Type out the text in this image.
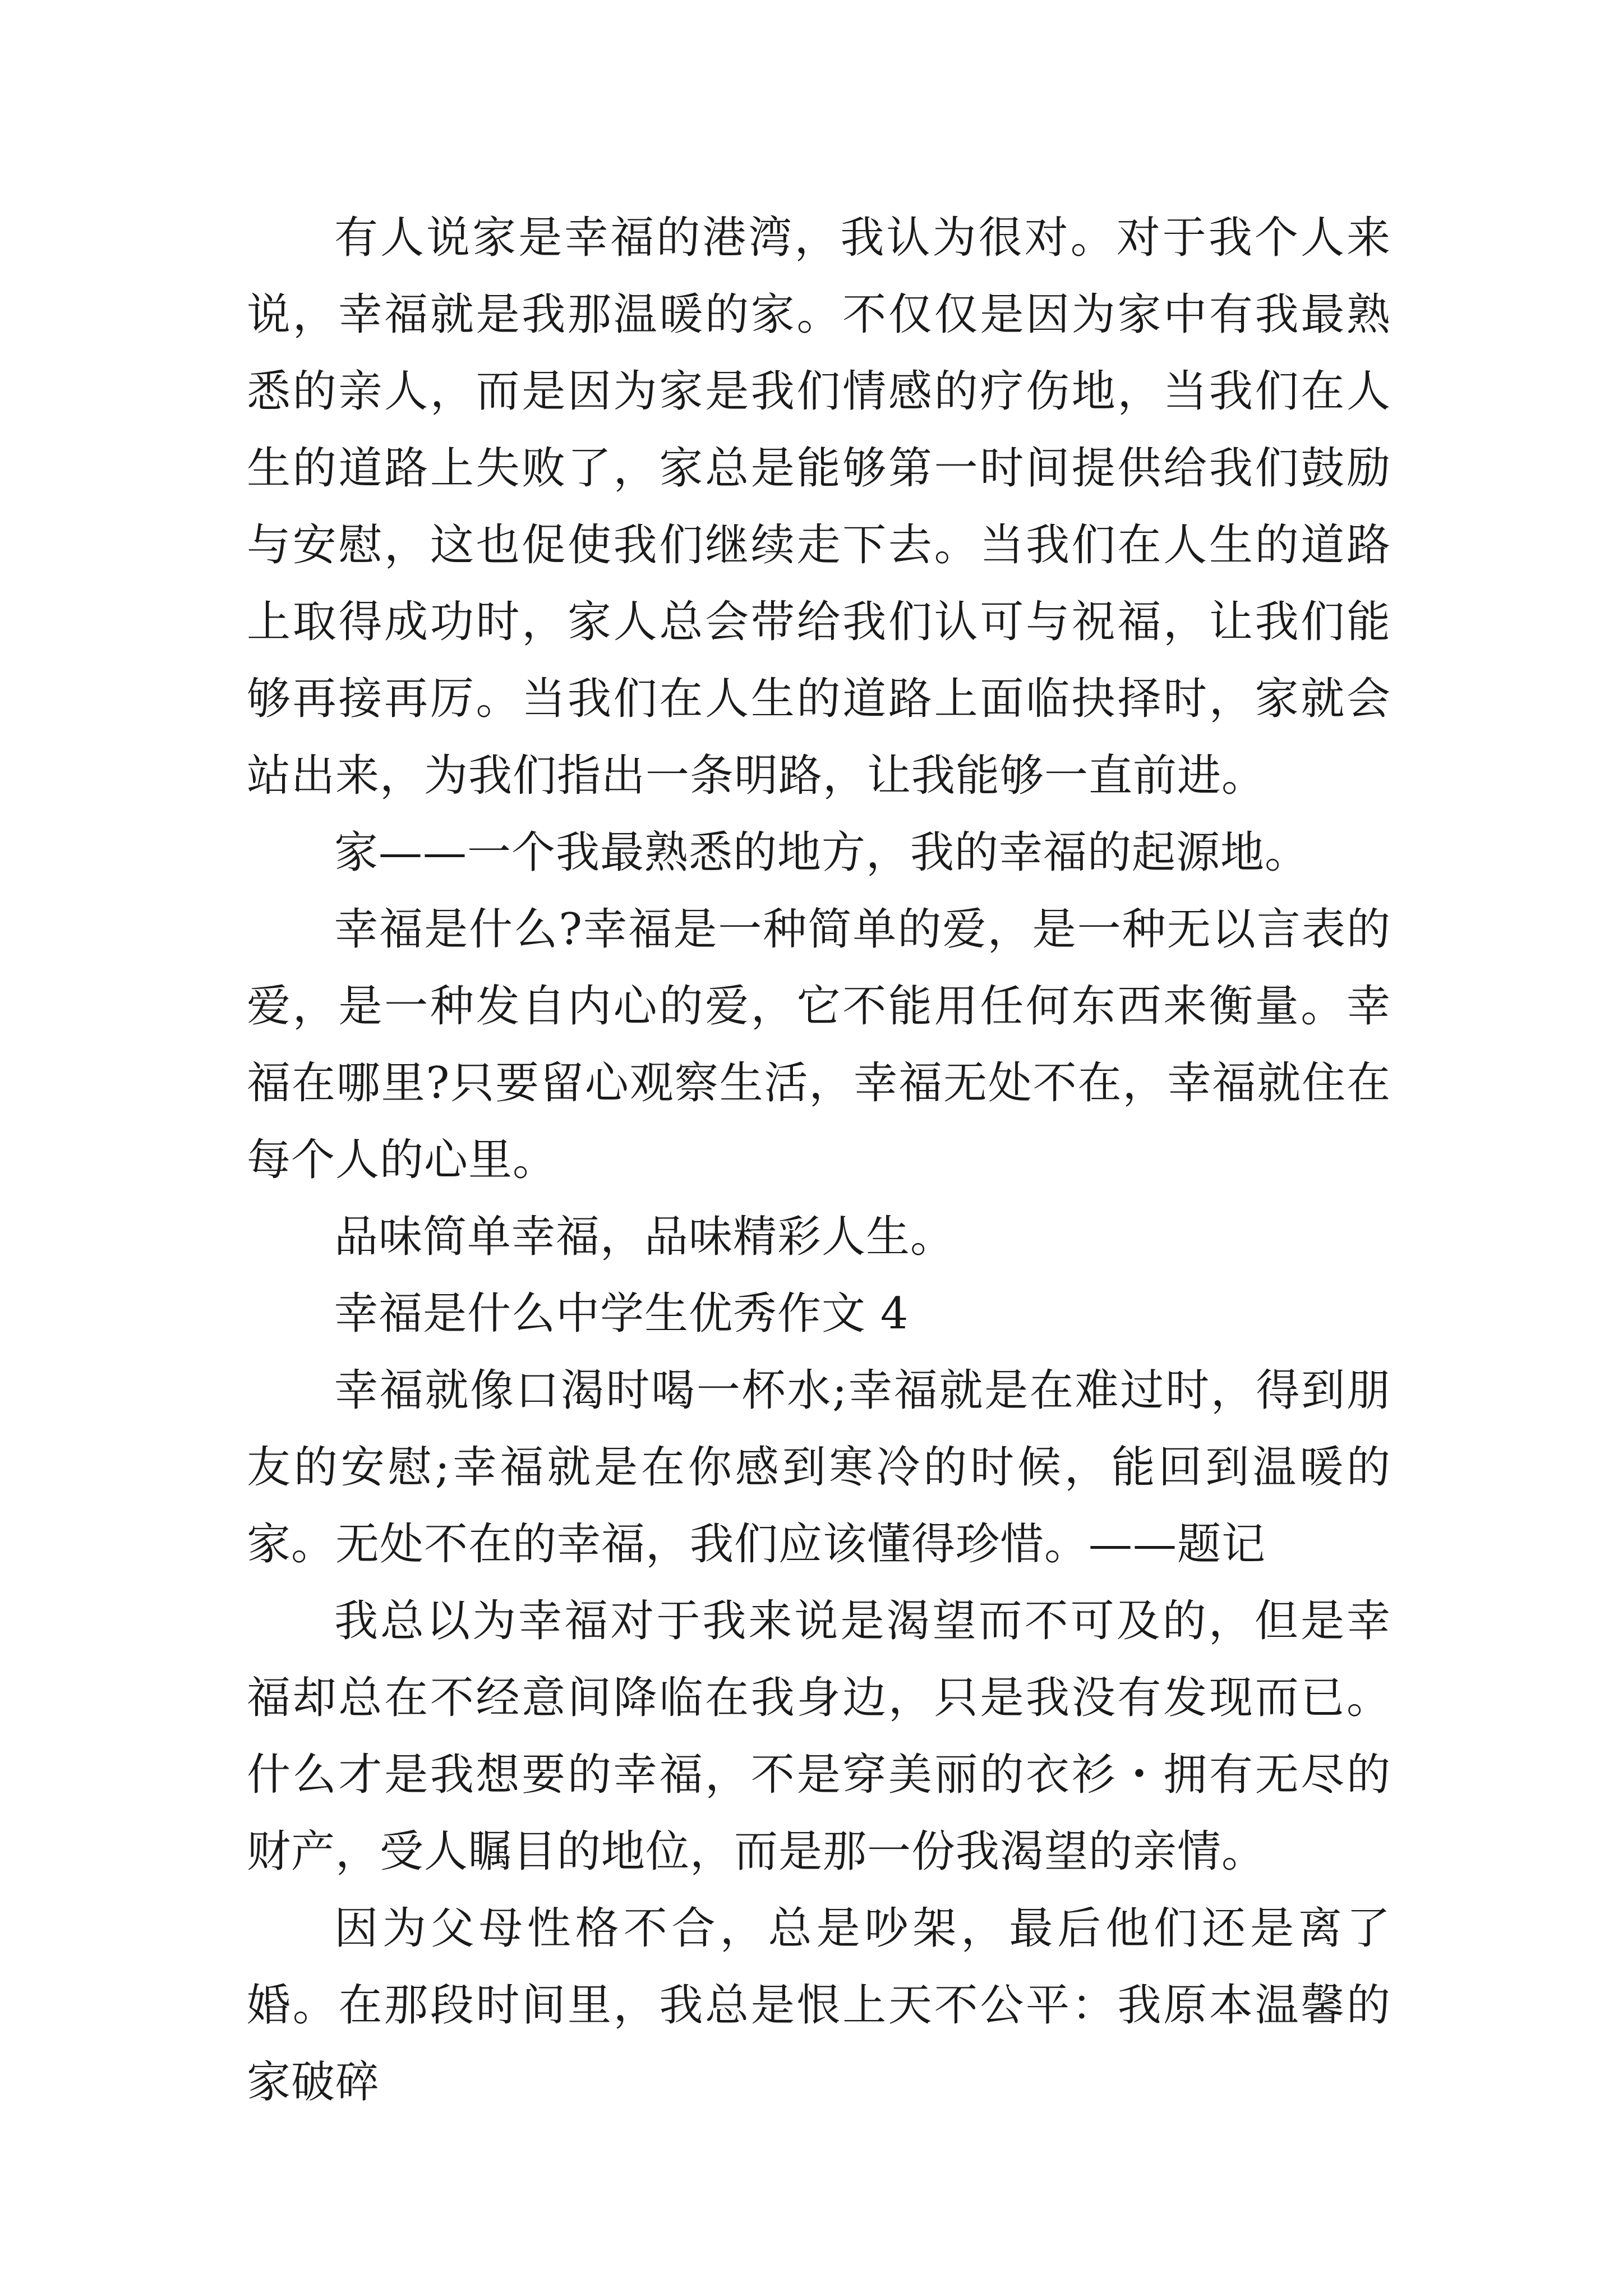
有人说家是幸福的港湾，我认为很对。对于我个人来说，幸福就是我那温暖的家。不仅仅是因为家中有我最熟悉的亲人，而是因为家是我们情感的疗伤地，当我们在人生的道路上失败了，家总是能够第一时间提供给我们鼓励与安慰，这也促使我们继续走下去。当我们在人生的道路上取得成功时，家人总会带给我们认可与祝福，让我们能够再接再厉。当我们在人生的道路上面临抉择时，家就会站出来，为我们指出一条明路，让我能够一直前进。

家——一个我最熟悉的地方，我的幸福的起源地。

幸福是什么?幸福是一种简单的爱，是一种无以言表的爱，是一种发自内心的爱，它不能用任何东西来衡量。幸福在哪里?只要留心观察生活，幸福无处不在，幸福就住在每个人的心里。

品味简单幸福，品味精彩人生。

幸福是什么中学生优秀作文 4

幸福就像口渴时喝一杯水;幸福就是在难过时，得到朋友的安慰;幸福就是在你感到寒冷的时候，能回到温暖的家。无处不在的幸福，我们应该懂得珍惜。——题记

我总以为幸福对于我来说是渴望而不可及的，但是幸福却总在不经意间降临在我身边，只是我没有发现而已。什么才是我想要的幸福，不是穿美丽的衣衫・拥有无尽的财产，受人瞩目的地位，而是那一份我渴望的亲情。

因为父母性格不合，总是吵架，最后他们还是离了婚。在那段时间里，我总是恨上天不公平：我原本温馨的家破碎
